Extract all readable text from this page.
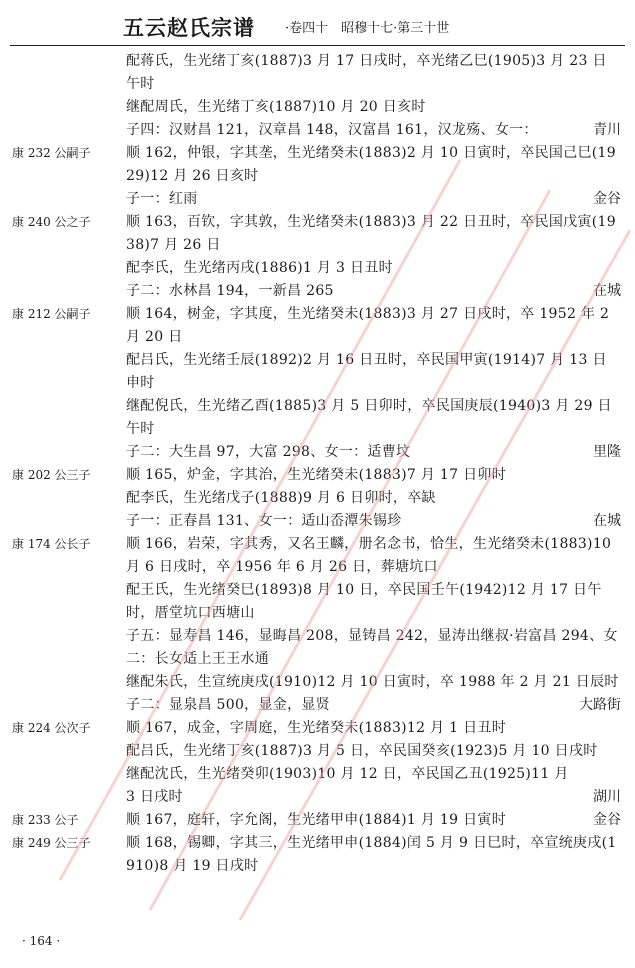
五云赵氏宗谱 ·卷四十　昭穆十七·第三十世
配蒋氏，生光绪丁亥(1887)3 月 17 日戌时，卒光绪乙巳(1905)3 月 23 日午时
继配周氏，生光绪丁亥(1887)10 月 20 日亥时
子四：汉财昌 121，汉章昌 148，汉富昌 161，汉龙殇、女一：	青川
康 232 公嗣子	顺 162，仲银，字其垄，生光绪癸未(1883)2 月 10 日寅时，卒民国己巳(1929)12 月 26 日亥时
子一：红雨	金谷
康 240 公之子	顺 163，百钦，字其敦，生光绪癸未(1883)3 月 22 日丑时，卒民国戊寅(1938)7 月 26 日
配李氏，生光绪丙戌(1886)1 月 3 日丑时
子二：水林昌 194，一新昌 265	在城
康 212 公嗣子	顺 164，树金，字其度，生光绪癸未(1883)3 月 27 日戌时，卒 1952 年 2 月 20 日
配吕氏，生光绪壬辰(1892)2 月 16 日丑时，卒民国甲寅(1914)7 月 13 日申时
继配倪氏，生光绪乙酉(1885)3 月 5 日卯时，卒民国庚辰(1940)3 月 29 日午时
子二：大生昌 97，大富 298、女一：适曹坟	里隆
康 202 公三子	顺 165，炉金，字其治，生光绪癸未(1883)7 月 17 日卯时
配李氏，生光绪戊子(1888)9 月 6 日卯时，卒缺
子一：正春昌 131、女一：适山岙潭朱锡珍	在城
康 174 公长子	顺 166，岩荣，字其秀，又名王麟，册名念书，恰生，生光绪癸未(1883)10 月 6 日戌时，卒 1956 年 6 月 26 日，葬塘坑口
配王氏，生光绪癸巳(1893)8 月 10 日，卒民国壬午(1942)12 月 17 日午时，厝堂坑口西塘山
子五：显寿昌 146，显晦昌 208，显铸昌 242，显涛出继叔·岩富昌 294、女二：长女适上王王水通
继配朱氏，生宣统庚戌(1910)12 月 10 日寅时，卒 1988 年 2 月 21 日辰时
子二：显泉昌 500，显金，显贤	大路街
康 224 公次子	顺 167，成金，字周庭，生光绪癸未(1883)12 月 1 日丑时
配吕氏，生光绪丁亥(1887)3 月 5 日，卒民国癸亥(1923)5 月 10 日戌时
继配沈氏，生光绪癸卯(1903)10 月 12 日，卒民国乙丑(1925)11 月 3 日戌时	湖川
康 233 公子	顺 167，庭轩，字允阁，生光绪甲申(1884)1 月 19 日寅时	金谷
康 249 公三子	顺 168，锡卿，字其三，生光绪甲申(1884)闰 5 月 9 日巳时，卒宣统庚戌(1910)8 月 19 日戌时
· 164 ·
